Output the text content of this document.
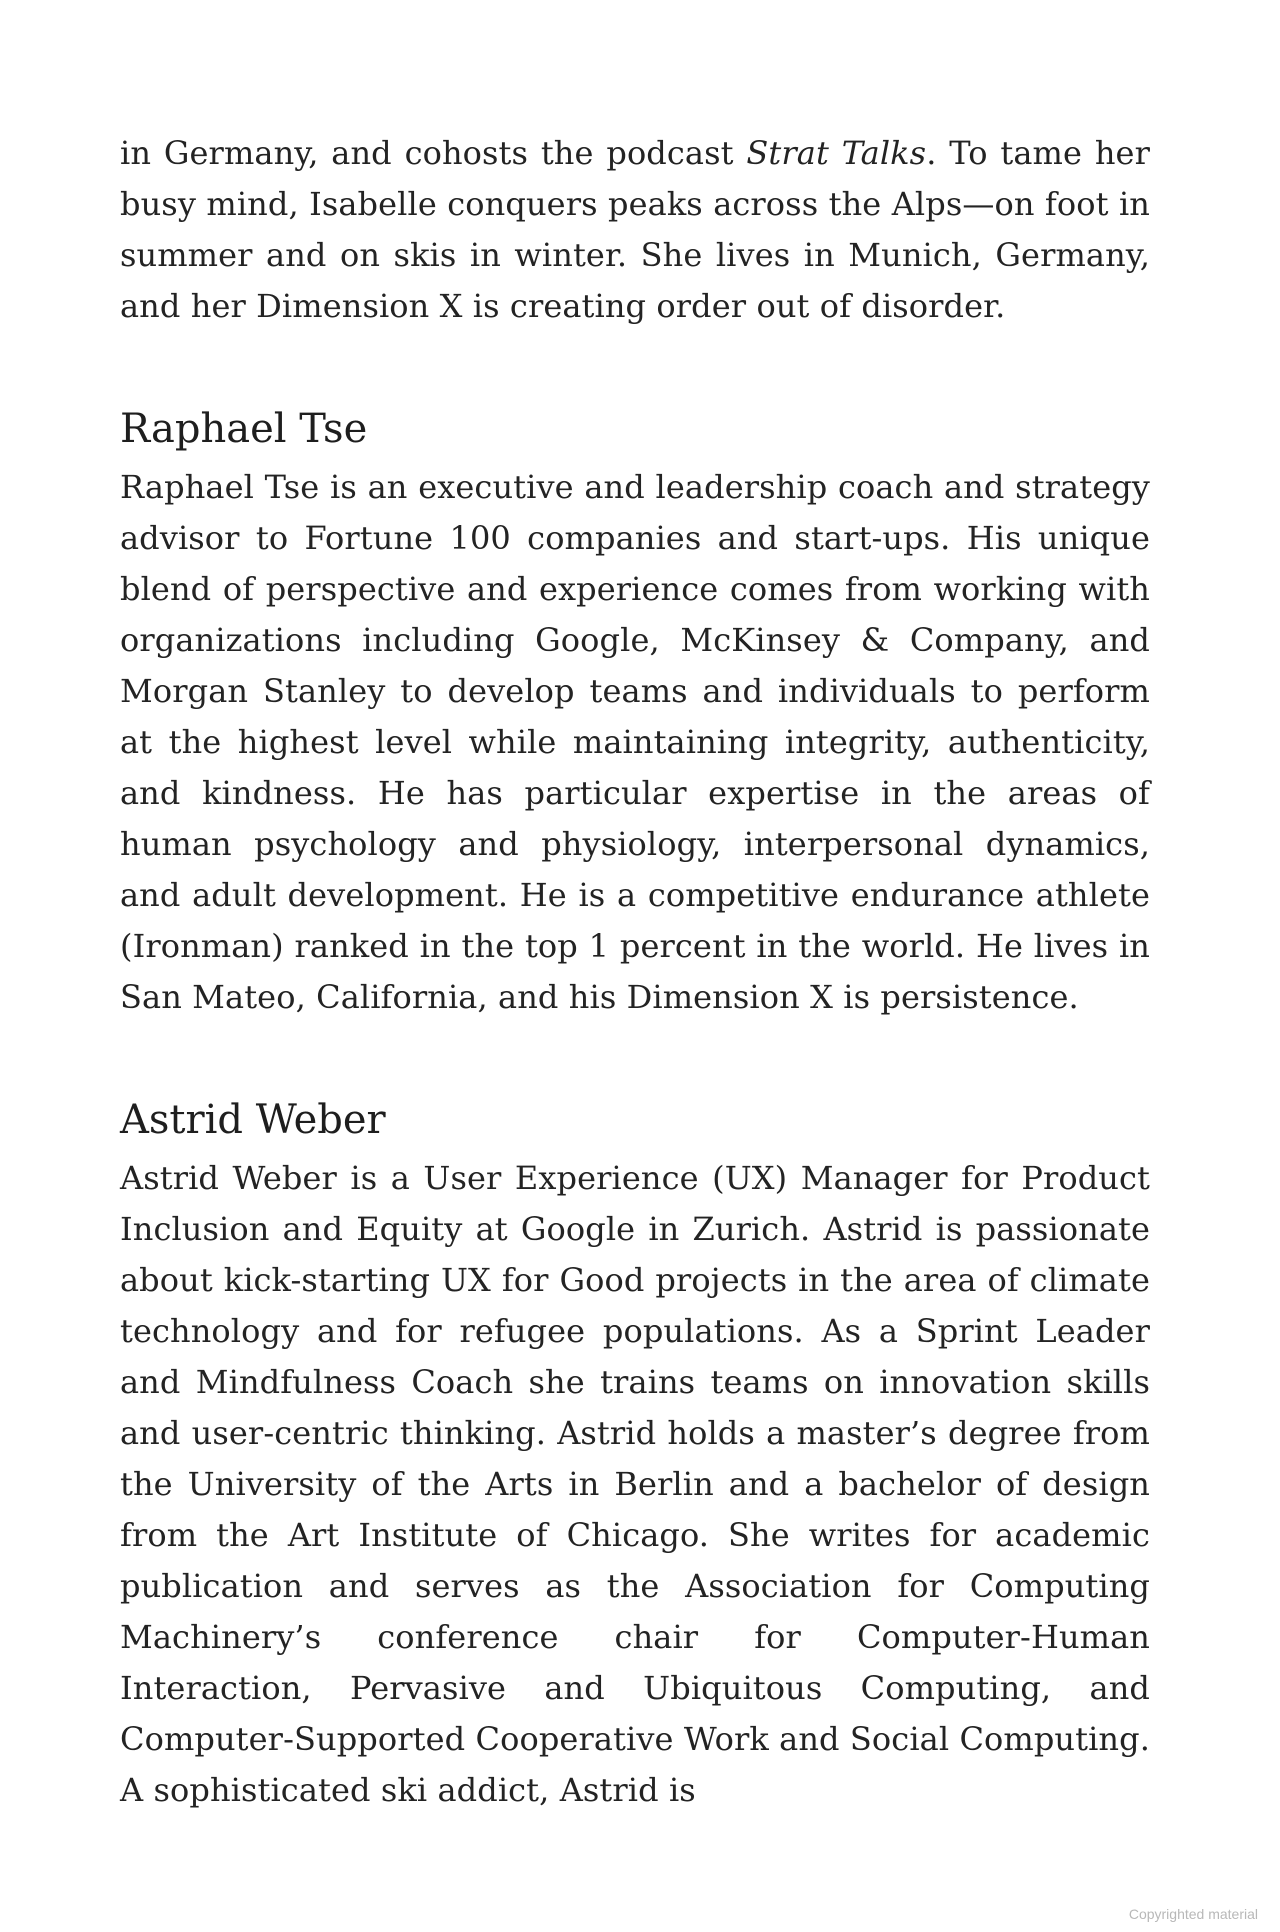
in Germany, and cohosts the podcast Strat Talks. To tame her busy mind, Isabelle conquers peaks across the Alps—on foot in summer and on skis in winter. She lives in Munich, Germany, and her Dimension X is creating order out of disorder.

Raphael Tse

Raphael Tse is an executive and leadership coach and strategy advisor to Fortune 100 companies and start-ups. His unique blend of perspective and experience comes from working with organizations including Google, McKinsey & Company, and Morgan Stanley to develop teams and individuals to perform at the highest level while maintaining integrity, authenticity, and kindness. He has particular expertise in the areas of human psychology and physiology, interpersonal dynamics, and adult development. He is a competitive endurance athlete (Ironman) ranked in the top 1 percent in the world. He lives in San Mateo, California, and his Dimension X is persistence.

Astrid Weber

Astrid Weber is a User Experience (UX) Manager for Product Inclusion and Equity at Google in Zurich. Astrid is passionate about kick-starting UX for Good projects in the area of climate technology and for refugee populations. As a Sprint Leader and Mindfulness Coach she trains teams on innovation skills and user-centric thinking. Astrid holds a master’s degree from the University of the Arts in Berlin and a bachelor of design from the Art Institute of Chicago. She writes for academic publication and serves as the Association for Computing Machinery’s conference chair for Computer-Human Interaction, Pervasive and Ubiquitous Computing, and Computer-Supported Cooperative Work and Social Computing. A sophisticated ski addict, Astrid is

Copyrighted material
